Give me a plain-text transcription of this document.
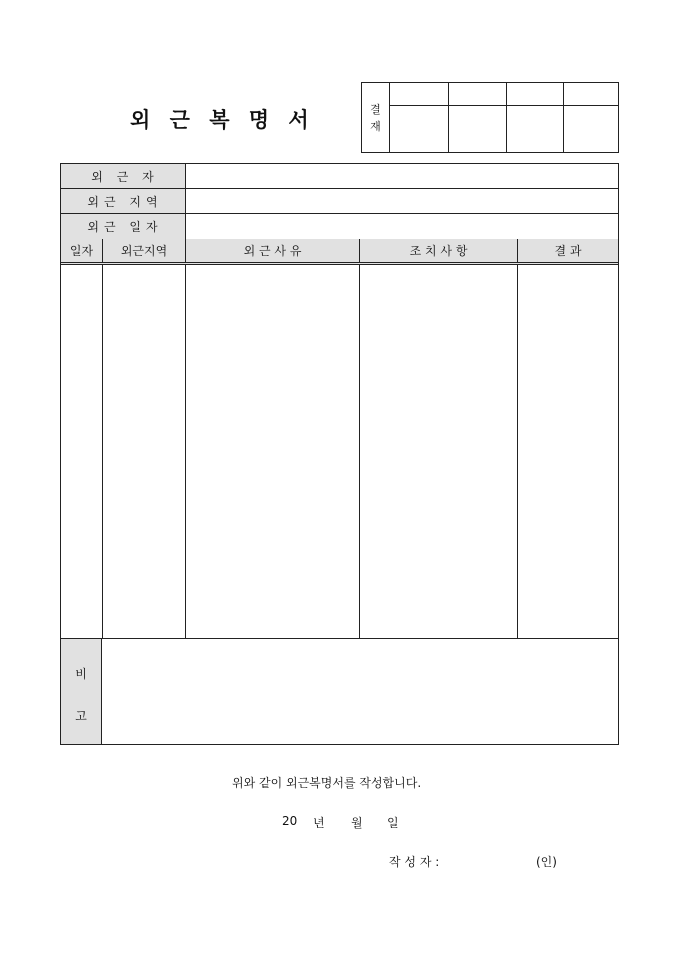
외 근 복 명 서	결
재
외 근 자
외근 지역
외근 일자
일자	외근지역	외 근 사 유	조 치 사 항	결 과
비
고
위와 같이 외근복명서를 작성합니다.
20 년 월 일
작 성 자 :	(인)
